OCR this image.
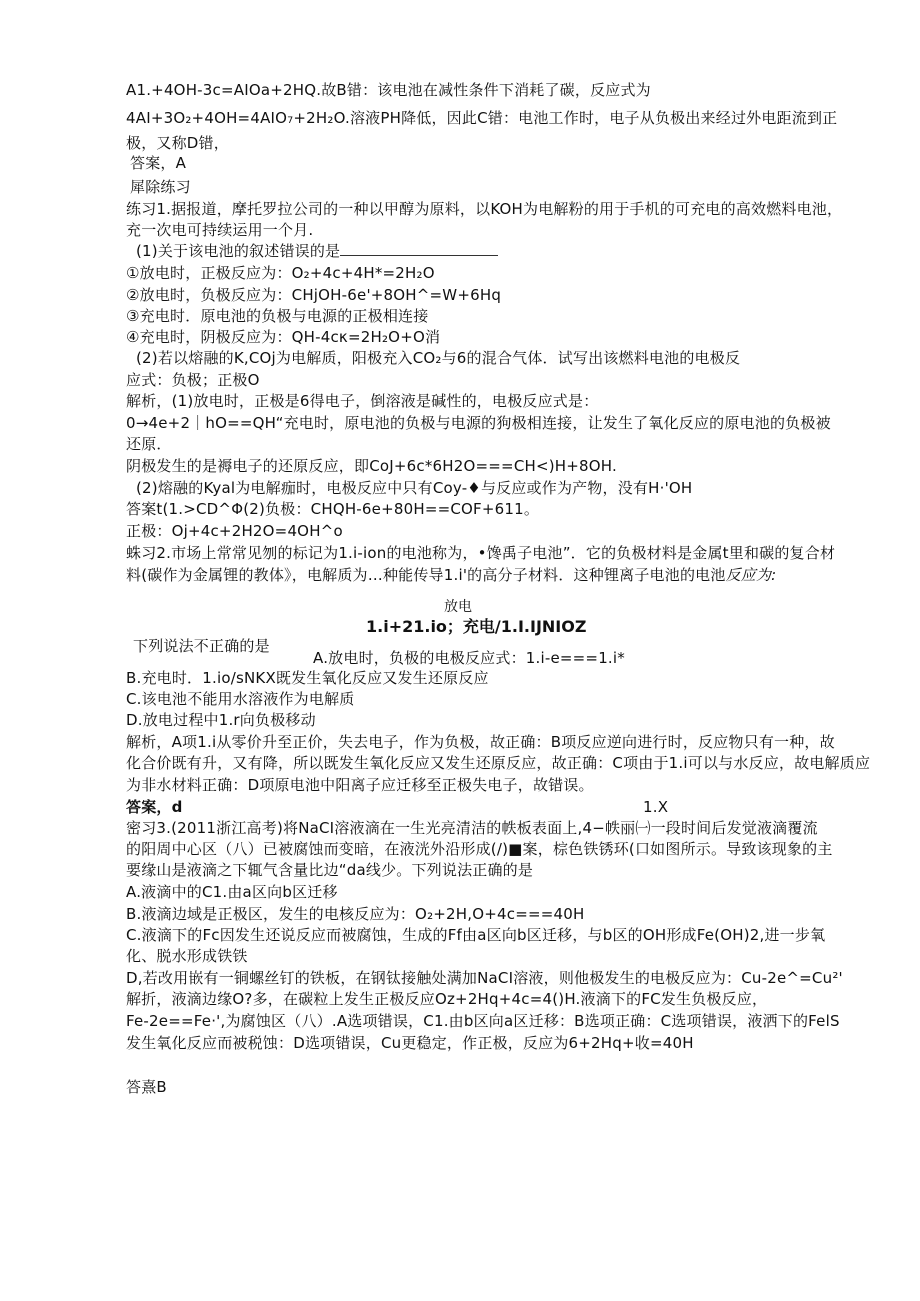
A1.+4OH-3c=AIOa+2HQ.故B错：该电池在减性条件下消耗了碳，反应式为
4AI+3O₂+4OH=4AIO₇+2H₂O.溶液PH降低，因此C错：电池工作时，电子从负极出来经过外电距流到正
极，又称D错，
答案，A
犀除练习
练习1.据报道，摩托罗拉公司的一种以甲醇为原料，以KOH为电解粉的用于手机的可充电的高效燃料电池，
充一次电可持续运用一个月.
(1)关于该电池的叙述错误的是
①放电时，正极反应为：O₂+4c+4H*=2H₂O
②放电时，负极反应为：CHjOH-6e'+8OH^=W+6Hq
③充电时．原电池的负极与电源的正极相连接
④充电时，阴极反应为：QH-4cκ=2H₂O+O消
(2)若以熔融的K,COj为电解质，阳极充入CO₂与6的混合气体．试写出该燃料电池的电极反
应式：负极；正极O
解析，(1)放电时，正极是6得电子，倒溶液是碱性的，电极反应式是：
0→4e+2｜hO==QH“充电时，原电池的负极与电源的狗极相连接，让发生了氧化反应的原电池的负极被
还原．
阴极发生的是褥电子的还原反应，即CoJ+6c*6H2O===CH<)H+8OH.
(2)熔融的Kyal为电解痂时，电极反应中只有Coy-♦与反应或作为产物，没有H·'OH
答案t(1.>CD^Φ(2)负极：CHQH-6e+80H==COF+611。
正极：Oj+4c+2H2O=4OH^o
蛛习2.市场上常常见刎的标记为1.i-ion的电池称为，•馋禹子电池”．它的负极材料是金属t里和碳的复合材
料(碳作为金属锂的教体》，电解质为…种能传导1.i'的高分子材料．这种锂离子电池的电池反应为:
放电
1.i+21.io；充电/1.I.IJNIOZ
下列说法不正确的是
A.放电时，负极的电极反应式：1.i-e===1.i*
B.充电时．1.io/sNKX既发生氧化反应又发生还原反应
C.该电池不能用水溶液作为电解质
D.放电过程中1.r向负极移动
解析，A项1.i从零价升至正价，失去电子，作为负极，故正确：B项反应逆向进行时，反应物只有一种，故
化合价既有升，又有降，所以既发生氧化反应又发生还原反应，故正确：C项由于1.i可以与水反应，故电解质应
为非水材料正确：D项原电池中阳离子应迁移至正极失电子，故错误。
答案，d	1.X
密习3.(2011浙江高考)将NaCI溶液滴在一生光亮清洁的帙板表面上,4−帙丽㈠一段时间后发觉液滴覆流
的阳周中心区（八）已被腐蚀而变暗，在液洸外沿形成(/)■案，棕色铁锈环(口如图所示。导致该现象的主
要缘山是液滴之下辄气含量比边“da线少。下列说法正确的是
A.液滴中的C1.由a区向b区迁移
B.液滴边域是正极区，发生的电核反应为：O₂+2H,O+4c===40H
C.液滴下的Fc因发生还说反应而被腐蚀，生成的Ff由a区向b区迁移，与b区的OH形成Fe(OH)2,进一步氧
化、脱水形成铁铁
D,若改用嵌有一铜螺丝钉的铁板，在钢钛接触处满加NaCI溶液，则他极发生的电极反应为：Cu-2e^=Cu²'
解折，液滴边缘O?多，在碳粒上发生正极反应Oz+2Hq+4c=4()H.液滴下的FC发生负极反应，
Fe-2e==Fe·',为腐蚀区（八）.A选项错误，C1.由b区向a区迁移：B选项正确：C选项错误，液洒下的FelS
发生氧化反应而被税蚀：D选项错误，Cu更稳定，作正极，反应为6+2Hq+收=40H
答熹B
